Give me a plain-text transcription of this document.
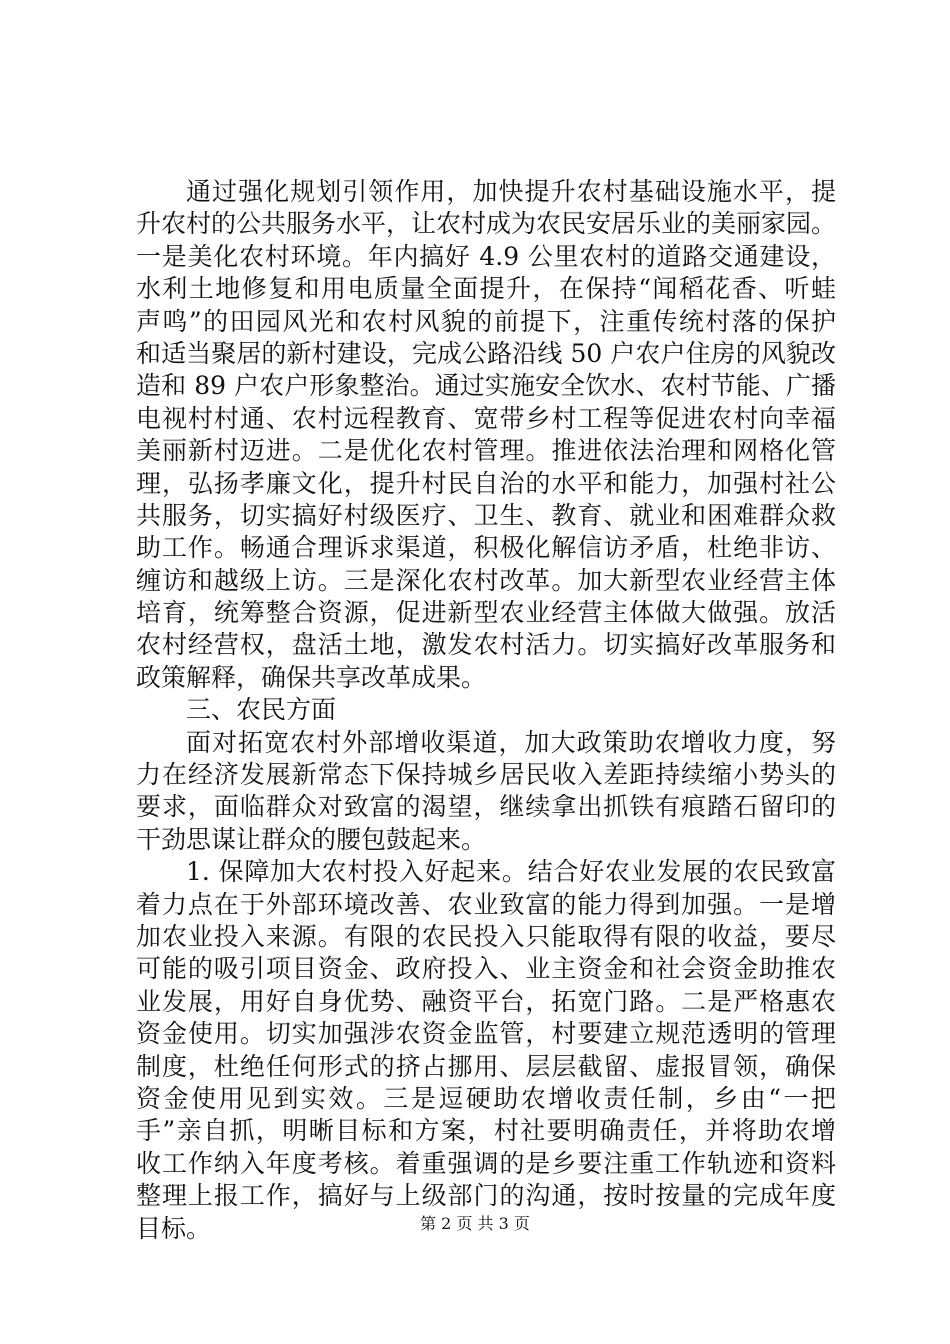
通过强化规划引领作用，加快提升农村基础设施水平，提
升农村的公共服务水平，让农村成为农民安居乐业的美丽家园。
一是美化农村环境。年内搞好 4.9 公里农村的道路交通建设，
水利土地修复和用电质量全面提升，在保持“闻稻花香、听蛙
声鸣”的田园风光和农村风貌的前提下，注重传统村落的保护
和适当聚居的新村建设，完成公路沿线 50 户农户住房的风貌改
造和 89 户农户形象整治。通过实施安全饮水、农村节能、广播
电视村村通、农村远程教育、宽带乡村工程等促进农村向幸福
美丽新村迈进。二是优化农村管理。推进依法治理和网格化管
理，弘扬孝廉文化，提升村民自治的水平和能力，加强村社公
共服务，切实搞好村级医疗、卫生、教育、就业和困难群众救
助工作。畅通合理诉求渠道，积极化解信访矛盾，杜绝非访、
缠访和越级上访。三是深化农村改革。加大新型农业经营主体
培育，统筹整合资源，促进新型农业经营主体做大做强。放活
农村经营权，盘活土地，激发农村活力。切实搞好改革服务和
政策解释，确保共享改革成果。
三、农民方面
面对拓宽农村外部增收渠道，加大政策助农增收力度，努
力在经济发展新常态下保持城乡居民收入差距持续缩小势头的
要求，面临群众对致富的渴望，继续拿出抓铁有痕踏石留印的
干劲思谋让群众的腰包鼓起来。
1. 保障加大农村投入好起来。结合好农业发展的农民致富
着力点在于外部环境改善、农业致富的能力得到加强。一是增
加农业投入来源。有限的农民投入只能取得有限的收益，要尽
可能的吸引项目资金、政府投入、业主资金和社会资金助推农
业发展，用好自身优势、融资平台，拓宽门路。二是严格惠农
资金使用。切实加强涉农资金监管，村要建立规范透明的管理
制度，杜绝任何形式的挤占挪用、层层截留、虚报冒领，确保
资金使用见到实效。三是逗硬助农增收责任制，乡由“一把
手”亲自抓，明晰目标和方案，村社要明确责任，并将助农增
收工作纳入年度考核。着重强调的是乡要注重工作轨迹和资料
整理上报工作，搞好与上级部门的沟通，按时按量的完成年度
目标。	第 2 页 共 3 页
